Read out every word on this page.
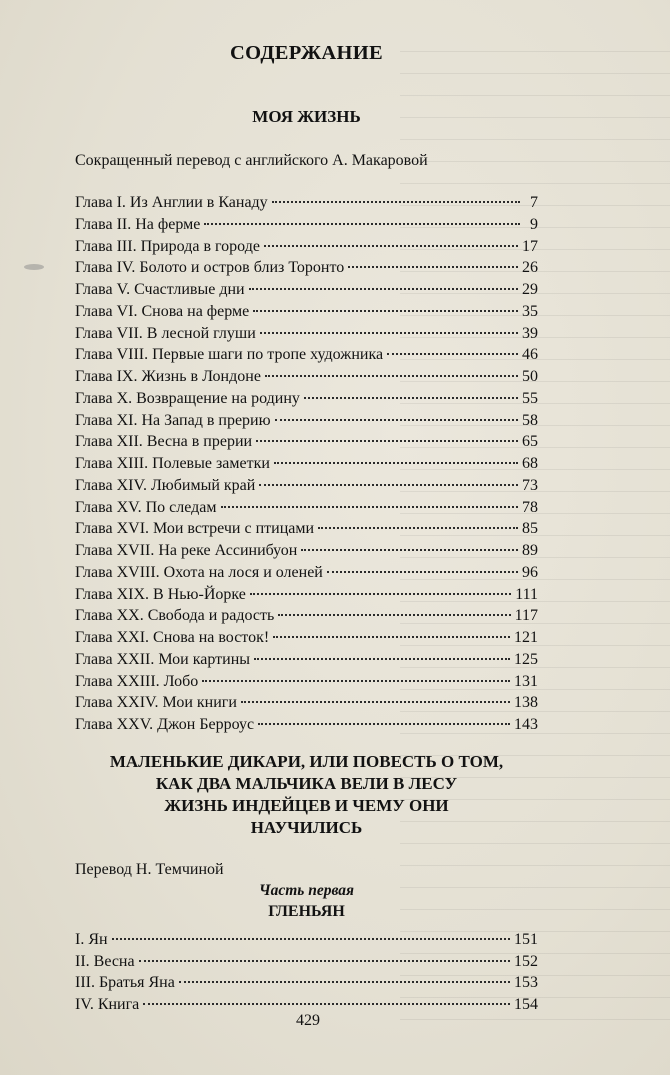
СОДЕРЖАНИЕ
МОЯ ЖИЗНЬ
Сокращенный перевод с английского А. Макаровой
Глава I. Из Англии в Канаду	7
Глава II. На ферме	9
Глава III. Природа в городе	17
Глава IV. Болото и остров близ Торонто	26
Глава V. Счастливые дни	29
Глава VI. Снова на ферме	35
Глава VII. В лесной глуши	39
Глава VIII. Первые шаги по тропе художника	46
Глава IX. Жизнь в Лондоне	50
Глава X. Возвращение на родину	55
Глава XI. На Запад в прерию	58
Глава XII. Весна в прерии	65
Глава XIII. Полевые заметки	68
Глава XIV. Любимый край	73
Глава XV. По следам	78
Глава XVI. Мои встречи с птицами	85
Глава XVII. На реке Ассинибуон	89
Глава XVIII. Охота на лося и оленей	96
Глава XIX. В Нью-Йорке	111
Глава XX. Свобода и радость	117
Глава XXI. Снова на восток!	121
Глава XXII. Мои картины	125
Глава XXIII. Лобо	131
Глава XXIV. Мои книги	138
Глава XXV. Джон Берроус	143
МАЛЕНЬКИЕ ДИКАРИ, ИЛИ ПОВЕСТЬ О ТОМ,
КАК ДВА МАЛЬЧИКА ВЕЛИ В ЛЕСУ
ЖИЗНЬ ИНДЕЙЦЕВ И ЧЕМУ ОНИ
НАУЧИЛИСЬ
Перевод Н. Темчиной
Часть первая
ГЛЕНЬЯН
I. Ян	151
II. Весна	152
III. Братья Яна	153
IV. Книга	154
429
